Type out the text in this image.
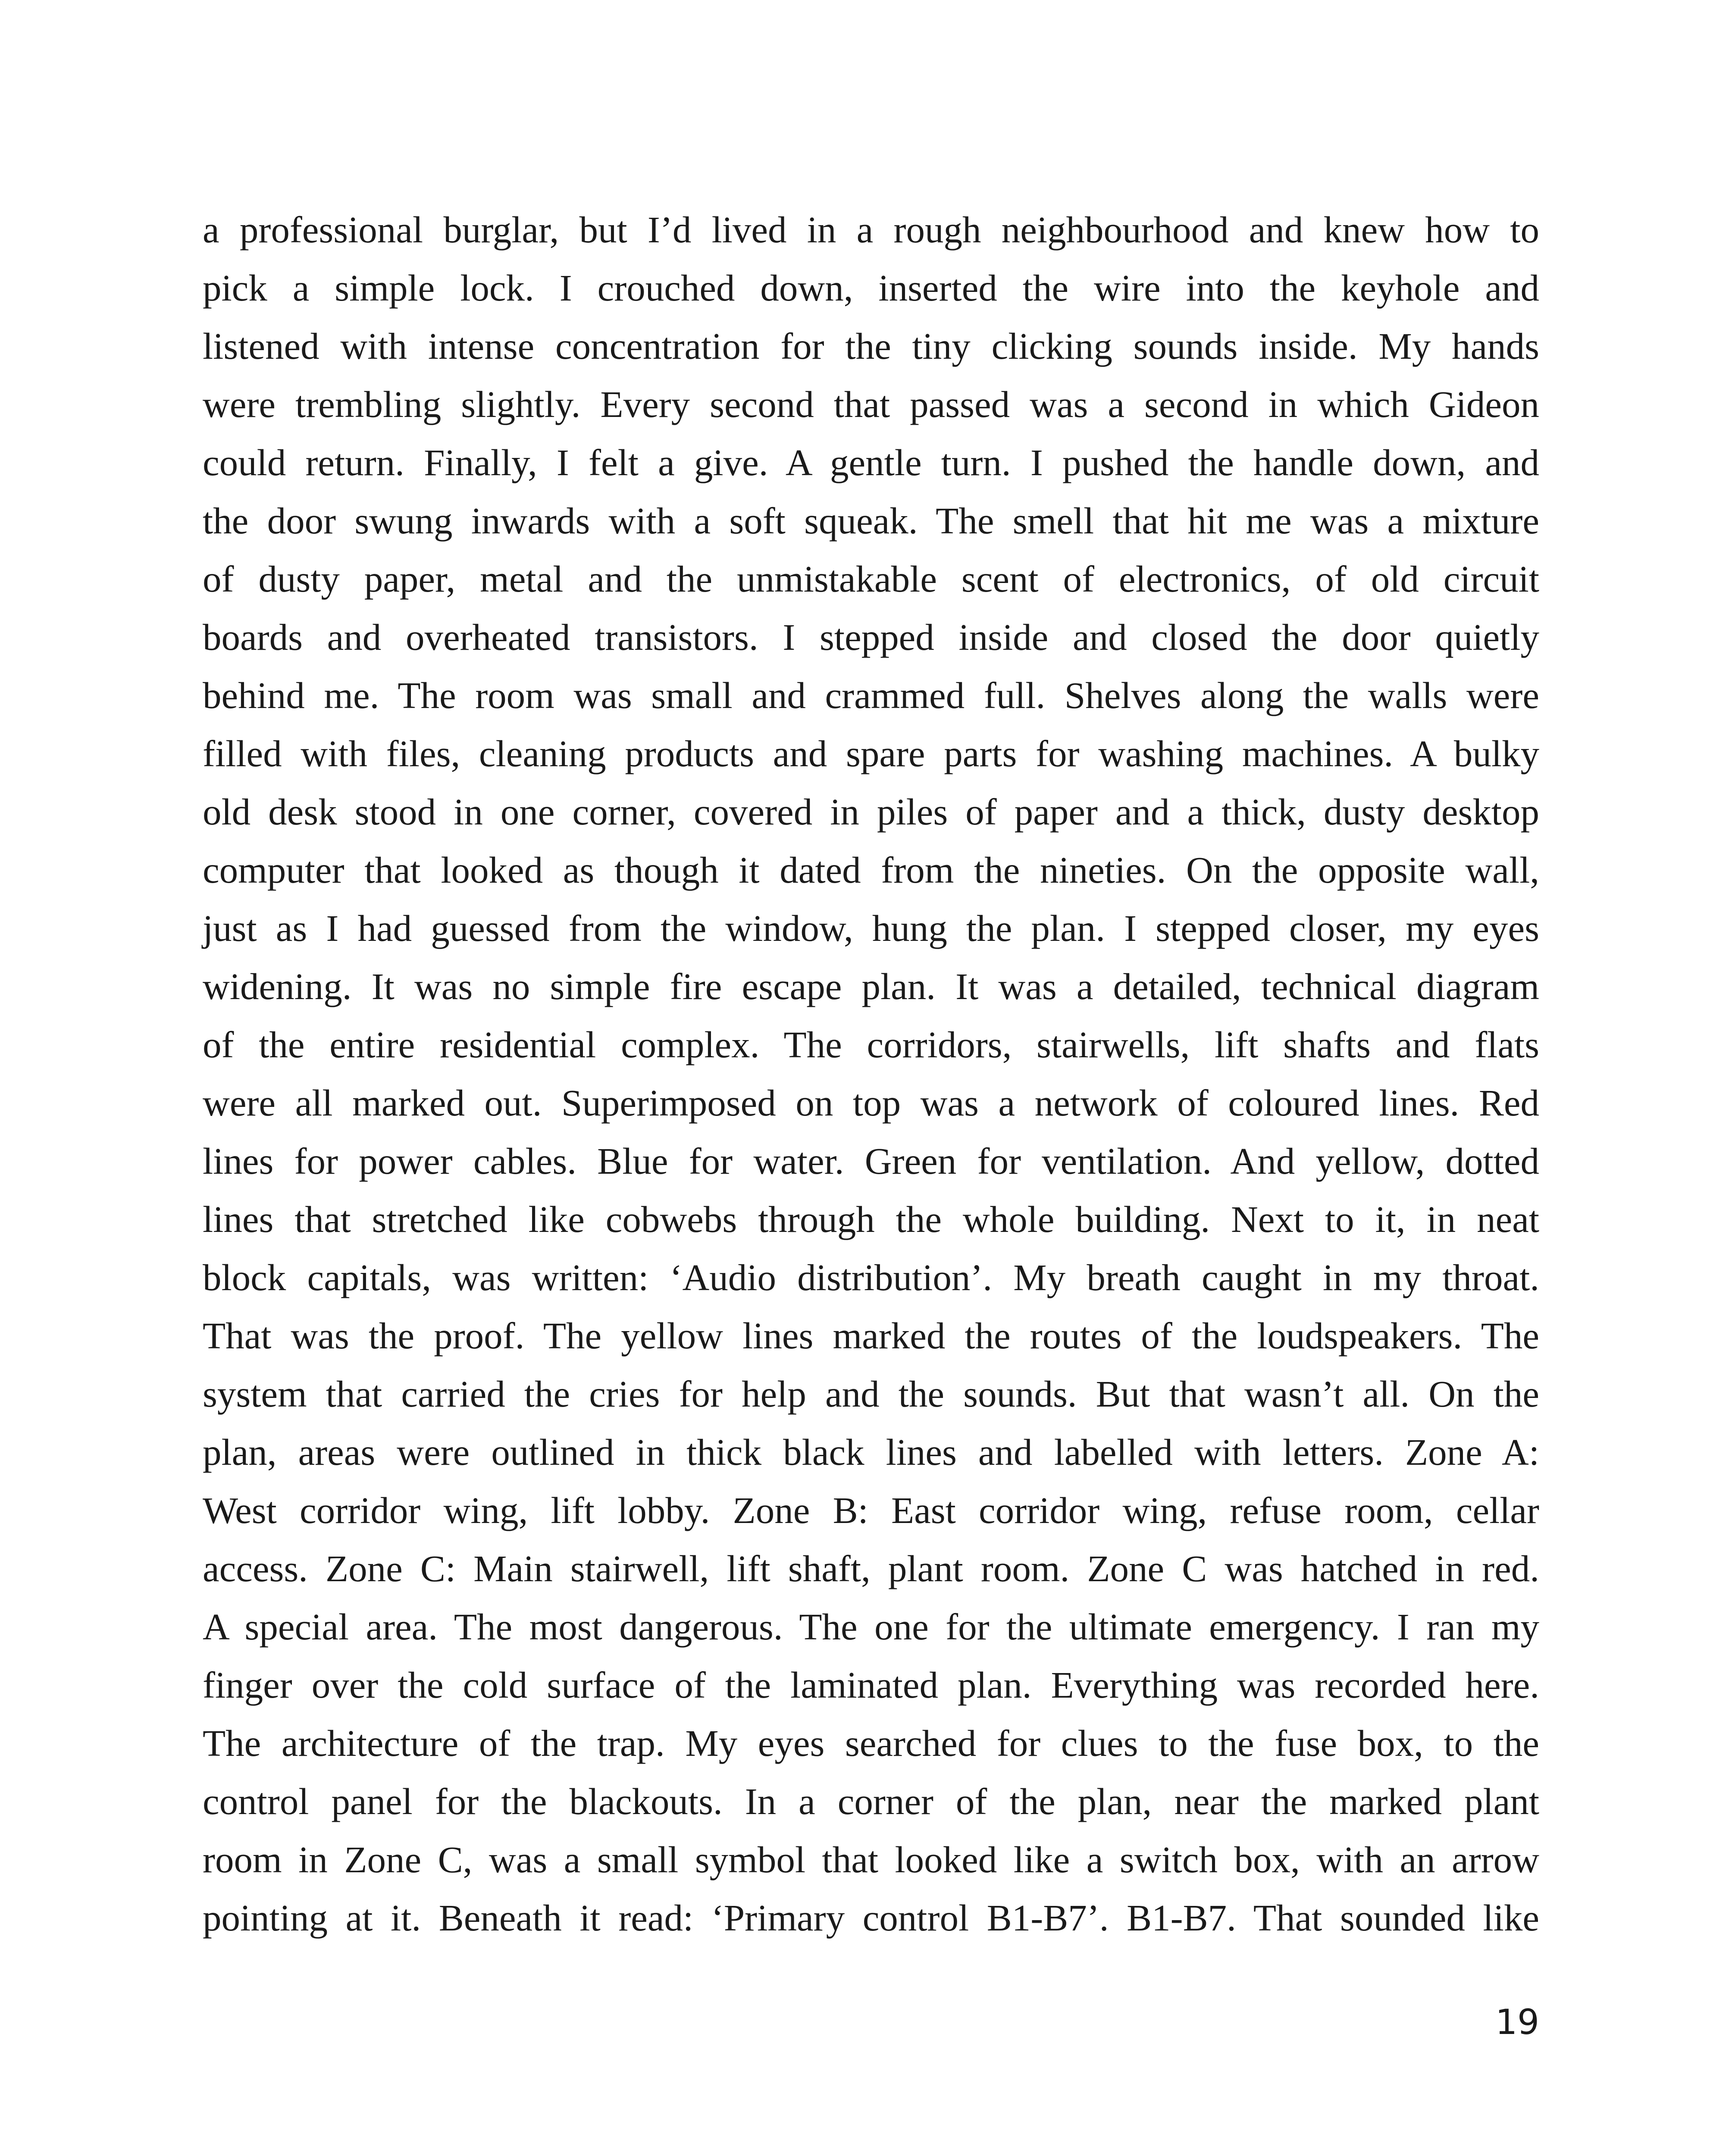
a professional burglar, but I’d lived in a rough neighbourhood and knew how to
pick a simple lock. I crouched down, inserted the wire into the keyhole and
listened with intense concentration for the tiny clicking sounds inside. My hands
were trembling slightly. Every second that passed was a second in which Gideon
could return. Finally, I felt a give. A gentle turn. I pushed the handle down, and
the door swung inwards with a soft squeak. The smell that hit me was a mixture
of dusty paper, metal and the unmistakable scent of electronics, of old circuit
boards and overheated transistors. I stepped inside and closed the door quietly
behind me. The room was small and crammed full. Shelves along the walls were
filled with files, cleaning products and spare parts for washing machines. A bulky
old desk stood in one corner, covered in piles of paper and a thick, dusty desktop
computer that looked as though it dated from the nineties. On the opposite wall,
just as I had guessed from the window, hung the plan. I stepped closer, my eyes
widening. It was no simple fire escape plan. It was a detailed, technical diagram
of the entire residential complex. The corridors, stairwells, lift shafts and flats
were all marked out. Superimposed on top was a network of coloured lines. Red
lines for power cables. Blue for water. Green for ventilation. And yellow, dotted
lines that stretched like cobwebs through the whole building. Next to it, in neat
block capitals, was written: ‘Audio distribution’. My breath caught in my throat.
That was the proof. The yellow lines marked the routes of the loudspeakers. The
system that carried the cries for help and the sounds. But that wasn’t all. On the
plan, areas were outlined in thick black lines and labelled with letters. Zone A:
West corridor wing, lift lobby. Zone B: East corridor wing, refuse room, cellar
access. Zone C: Main stairwell, lift shaft, plant room. Zone C was hatched in red.
A special area. The most dangerous. The one for the ultimate emergency. I ran my
finger over the cold surface of the laminated plan. Everything was recorded here.
The architecture of the trap. My eyes searched for clues to the fuse box, to the
control panel for the blackouts. In a corner of the plan, near the marked plant
room in Zone C, was a small symbol that looked like a switch box, with an arrow
pointing at it. Beneath it read: ‘Primary control B1-B7’. B1-B7. That sounded like
19
